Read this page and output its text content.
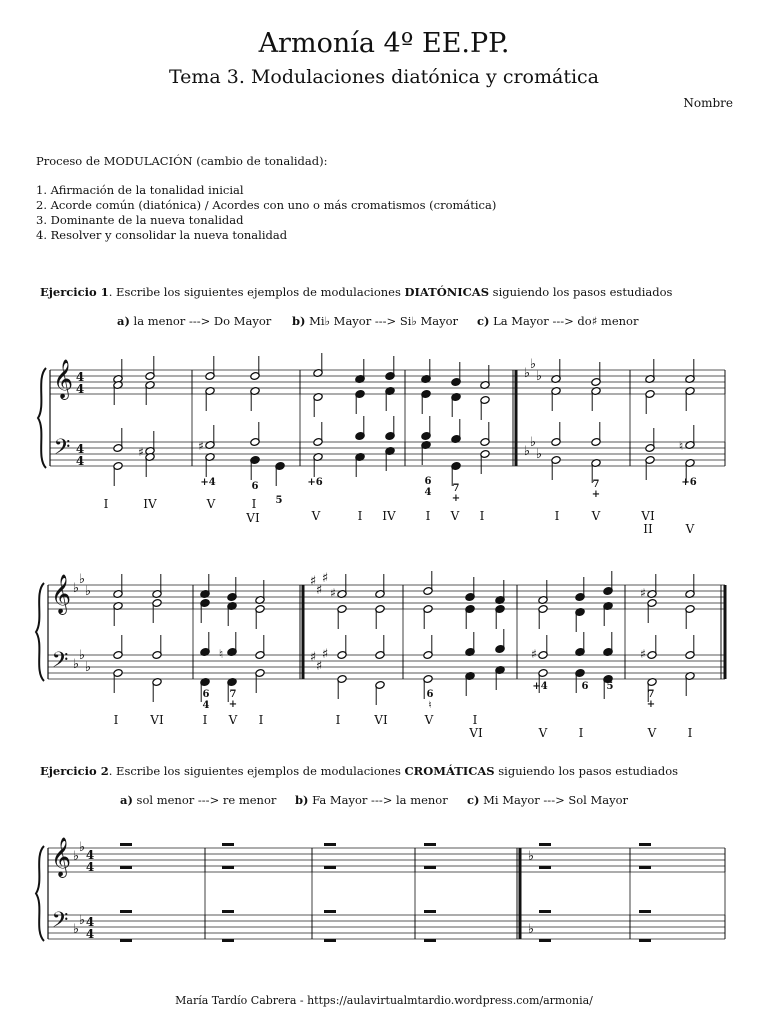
Armonía 4º EE.PP.
Tema 3. Modulaciones diatónica y cromática
Nombre
Proceso de MODULACIÓN (cambio de tonalidad):
1. Afirmación de la tonalidad inicial
2. Acorde común (diatónica) / Acordes con uno o más cromatismos (cromática)
3. Dominante de la nueva tonalidad
4. Resolver y consolidar la nueva tonalidad
Ejercicio 1. Escribe los siguientes ejemplos de modulaciones DIATÓNICAS siguiendo los pasos estudiados
a) la menor ---> Do Mayor b) Mi♭ Mayor ---> Si♭ Mayor c) La Mayor ---> do♯ menor
Ejercicio 2. Escribe los siguientes ejemplos de modulaciones CROMÁTICAS siguiendo los pasos estudiados
a) sol menor ---> re menor b) Fa Mayor ---> la menor c) Mi Mayor ---> Sol Mayor
𝄞
𝄢
4
4
4
4
♭
♭
♭
♭
♭
♭
♯	♯	♮
𝄞
𝄢
♭
♭
♭
♭
♭
♭
♯
♯
♯
♯
♯
♯
♮	♯	♯
♯	♯
𝄞
𝄢
♭
♭
♭
♭
4
4
4
4
♭
♭
+4	6
5
+6	6
4 7
+
7
+
+6
I	IV	V	I
V	I IV I V I	I	V	VI
VI
II	V
6
4
7
+
6
♮
+4	6 5
7
+
I	VI	I V I	I	VI	V	I
V	I	V	I
VI
María Tardío Cabrera - https://aulavirtualmtardio.wordpress.com/armonia/
